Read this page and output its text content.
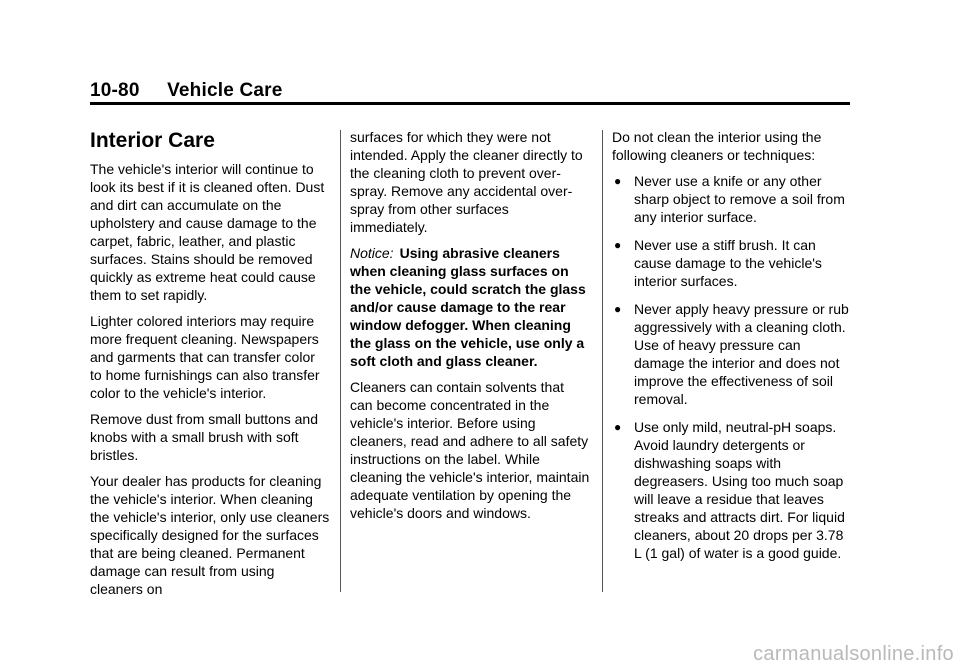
10-80 Vehicle Care
Interior Care

The vehicle's interior will continue to look its best if it is cleaned often. Dust and dirt can accumulate on the upholstery and cause damage to the carpet, fabric, leather, and plastic surfaces. Stains should be removed quickly as extreme heat could cause them to set rapidly.

Lighter colored interiors may require more frequent cleaning. Newspapers and garments that can transfer color to home furnishings can also transfer color to the vehicle's interior.

Remove dust from small buttons and knobs with a small brush with soft bristles.

Your dealer has products for cleaning the vehicle's interior. When cleaning the vehicle's interior, only use cleaners specifically designed for the surfaces that are being cleaned. Permanent damage can result from using cleaners on

surfaces for which they were not intended. Apply the cleaner directly to the cleaning cloth to prevent over-spray. Remove any accidental over-spray from other surfaces immediately.

Notice: Using abrasive cleaners when cleaning glass surfaces on the vehicle, could scratch the glass and/or cause damage to the rear window defogger. When cleaning the glass on the vehicle, use only a soft cloth and glass cleaner.

Cleaners can contain solvents that can become concentrated in the vehicle's interior. Before using cleaners, read and adhere to all safety instructions on the label. While cleaning the vehicle's interior, maintain adequate ventilation by opening the vehicle's doors and windows.

Do not clean the interior using the following cleaners or techniques:

● Never use a knife or any other sharp object to remove a soil from any interior surface.
● Never use a stiff brush. It can cause damage to the vehicle's interior surfaces.
● Never apply heavy pressure or rub aggressively with a cleaning cloth. Use of heavy pressure can damage the interior and does not improve the effectiveness of soil removal.
● Use only mild, neutral-pH soaps. Avoid laundry detergents or dishwashing soaps with degreasers. Using too much soap will leave a residue that leaves streaks and attracts dirt. For liquid cleaners, about 20 drops per 3.78 L (1 gal) of water is a good guide.
carmanualsonline.info
